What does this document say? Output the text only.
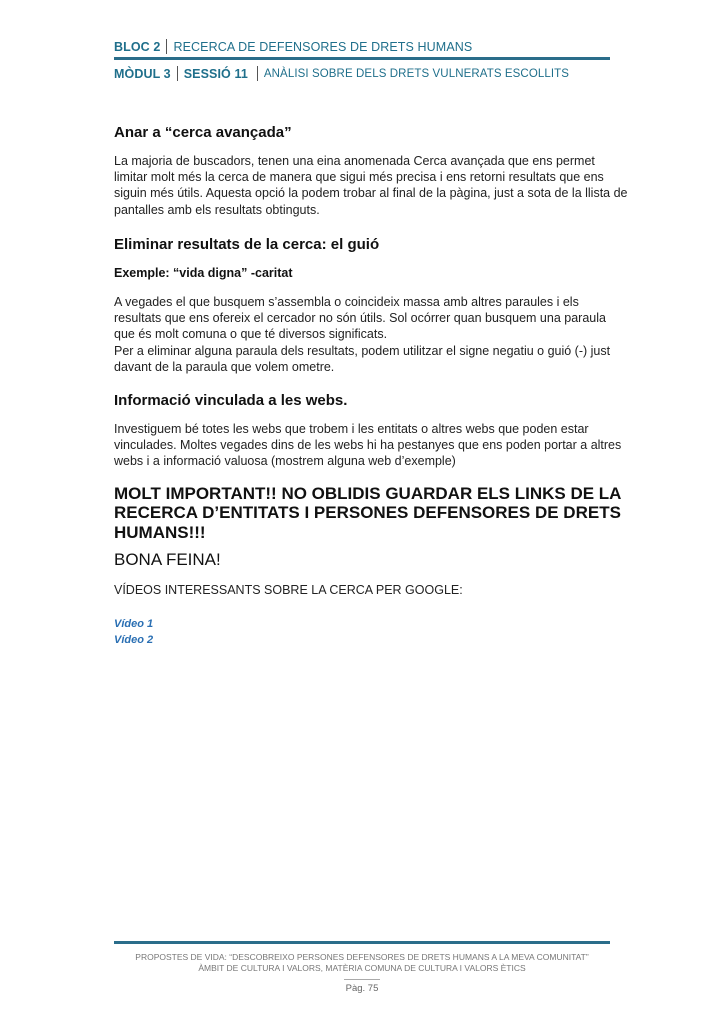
BLOC 2 RECERCA DE DEFENSORES DE DRETS HUMANS
MÒDUL 3 SESSIÓ 11 ANÀLISI SOBRE DELS DRETS VULNERATS ESCOLLITS
Anar a “cerca avançada”

La majoria de buscadors, tenen una eina anomenada Cerca avançada que ens permet limitar molt més la cerca de manera que sigui més precisa i ens retorni resultats que ens siguin més útils. Aquesta opció la podem trobar al final de la pàgina, just a sota de la llista de pantalles amb els resultats obtinguts.

Eliminar resultats de la cerca: el guió

Exemple: “vida digna” -caritat

A vegades el que busquem s’assembla o coincideix massa amb altres paraules i els resultats que ens ofereix el cercador no són útils. Sol ocórrer quan busquem una paraula que és molt comuna o que té diversos significats.

Per a eliminar alguna paraula dels resultats, podem utilitzar el signe negatiu o guió (-) just davant de la paraula que volem ometre.

Informació vinculada a les webs.

Investiguem bé totes les webs que trobem i les entitats o altres webs que poden estar vinculades. Moltes vegades dins de les webs hi ha pestanyes que ens poden portar a altres webs i a informació valuosa (mostrem alguna web d’exemple)

MOLT IMPORTANT!! NO OBLIDIS GUARDAR ELS LINKS DE LA RECERCA D’ENTITATS I PERSONES DEFENSORES DE DRETS HUMANS!!!

BONA FEINA!

VÍDEOS INTERESSANTS SOBRE LA CERCA PER GOOGLE:

Vídeo 1
Vídeo 2
PROPOSTES DE VIDA: “DESCOBREIXO PERSONES DEFENSORES DE DRETS HUMANS A LA MEVA COMUNITAT”
ÀMBIT DE CULTURA I VALORS, MATÈRIA COMUNA DE CULTURA I VALORS ÈTICS
Pàg. 75
